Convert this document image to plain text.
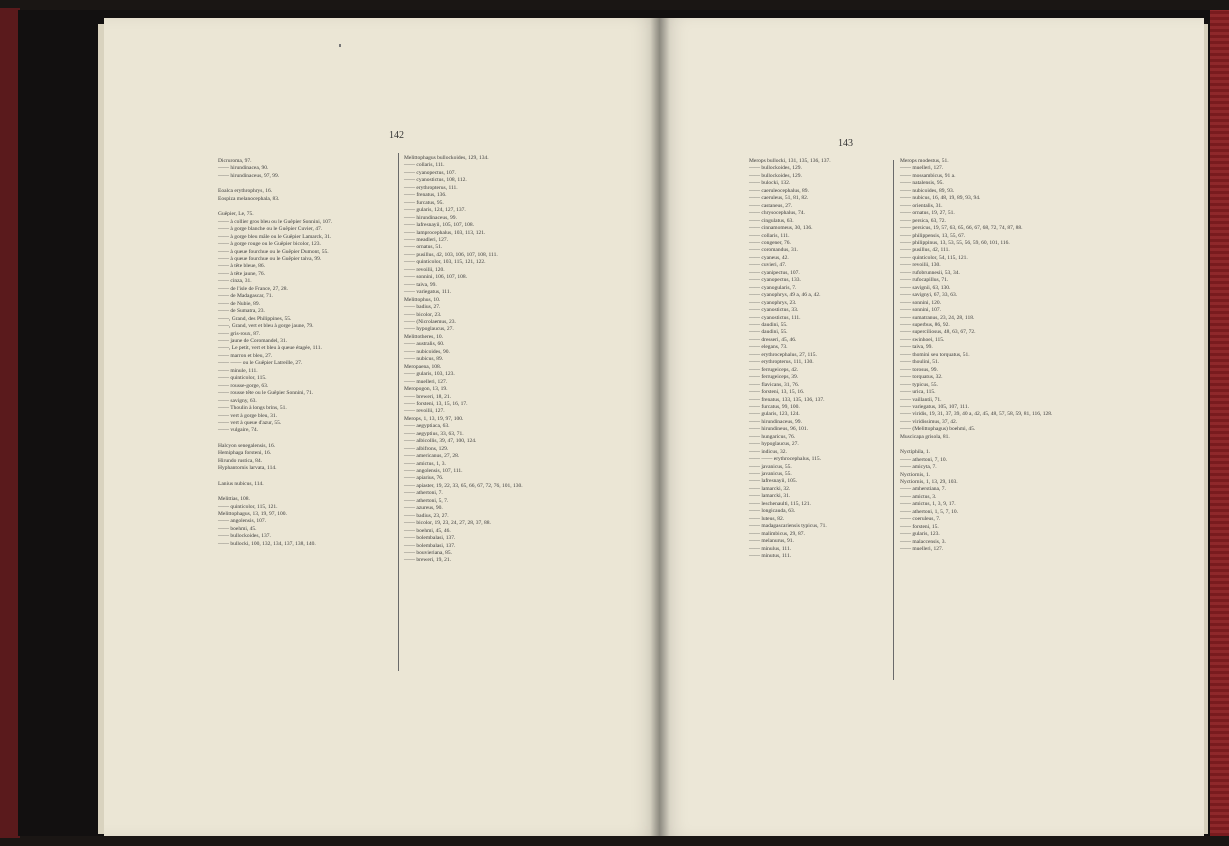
142
143
Dicruroma, 97.
—— hirundinacea, 90.
—— hirundinaceus, 97, 99.
Eoalca erythrophrys, 16.
Eospiza melanocephala, 83.
Guêpier, Le, 75.
—— à collier gros bleu ou le Guêpier Sonnini, 107.
—— à gorge blanche ou le Guêpier Cuvier, 47.
—— à gorge bleu mâle ou le Guêpier Lamarck, 31.
—— à gorge rouge ou le Guêpier bicolor, 123.
—— à queue fourchue ou le Guêpier Dumont, 55.
—— à queue fourchue ou le Guêpier taiva, 99.
—— à tête bleue, 86.
—— à tête jaune, 76.
—— cinza, 31.
—— de l'isle de France, 27, 28.
—— de Madagascar, 71.
—— de Nubie, 89.
—— de Sumatra, 23.
——, Grand, des Philippines, 55.
——, Grand, vert et bleu à gorge jaune, 79.
—— gris-roux, 87.
—— jaune de Coromandel, 31.
——, Le petit, vert et bleu à queue étagée, 111.
—— marron et bleu, 27.
—— —— ou le Guêpier Latreille, 27.
—— minule, 111.
—— quinticolor, 115.
—— rousse-gorge, 63.
—— rousse tête ou le Guêpier Sonnini, 71.
—— savigny, 63.
—— Thoulin à longs brins, 51.
—— vert à gorge bleu, 31.
—— vert à queue d'azur, 55.
—— vulgaire, 74.
Halcyon senegalensis, 16.
Hemiphaga forsteni, 16.
Hirundo rustica, 84.
Hyphantornis larvata, 114.
Lanius nubicus, 114.
Melittias, 108.
—— quinticolor, 115, 121.
Melittophagus, 13, 19, 97, 100.
—— angolensis, 107.
—— boehmi, 45.
—— bullockoides, 137.
—— bullocki, 100, 132, 134, 137, 138, 140.
Melittophagus bullockoides, 129, 134.
—— collaris, 111.
—— cyanopectus, 107.
—— cyanostictus, 108, 112.
—— erythropterus, 111.
—— frenatus, 136.
—— furcatus, 95.
—— gularis, 124, 127, 137.
—— hirundinaceus, 99.
—— lafresnayii, 105, 107, 108.
—— lamprocephalus, 103, 113, 121.
—— meadleri, 127.
—— ornatus, 51.
—— pusillus, 42, 103, 106, 107, 108, 111.
—— quinticolor, 103, 115, 121, 122.
—— revoilii, 120.
—— sonnini, 106, 107, 108.
—— taiva, 99.
—— variegatus, 111.
Melittophus, 10.
—— badius, 27.
—— bicolor, 23.
—— (Nicrolaemus, 23.
—— hypoglaucus, 27.
Melittotheres, 10.
—— australis, 60.
—— nubicoides, 90.
—— nubicus, 89.
Meropaena, 108.
—— gularis, 103, 123.
—— muelleri, 127.
Meropogon, 13, 19.
—— breweri, 18, 21.
—— forsteni, 13, 15, 16, 17.
—— revoilii, 127.
Merops, 1, 13, 19, 97, 100.
—— aegyptiaca, 63.
—— aegyptius, 33, 63, 71.
—— albicollis, 39, 47, 100, 124.
—— albifrons, 129.
—— americanus, 27, 28.
—— amictus, 1, 3.
—— angolensis, 107, 111.
—— apiarius, 76.
—— apiaster, 19, 22, 33, 65, 66, 67, 72, 76, 101, 130.
—— athertoni, 7.
—— athertoni, 5, 7.
—— azureus, 90.
—— badius, 23, 27.
—— bicolor, 19, 23, 24, 27, 28, 37, 88.
—— boehmi, 45, 46.
—— bolembalasi, 137.
—— bolembalasi, 137.
—— bouvieriana, 85.
—— breweri, 19, 21.
Merops bullocki, 131, 135, 136, 137.
—— bullockoides, 129.
—— bullockoides, 129.
—— bulocki, 132.
—— caeruleocephalus, 89.
—— caeruleus, 51, 81, 82.
—— castaneus, 27.
—— chrysocephalus, 74.
—— cingulatus, 63.
—— cinnamomeus, 30, 136.
—— collaris, 111.
—— congener, 76.
—— coromandus, 31.
—— cyaneus, 42.
—— cuvieri, 47.
—— cyanipectus, 107.
—— cyanopectus, 133.
—— cyanogularis, 7.
—— cyanophrys, 49 a, 46 a, 42.
—— cyanophrys, 23.
—— cyanostictus, 33.
—— cyanostictus, 111.
—— daudini, 55.
—— daudini, 55.
—— dresseri, 45, 46.
—— elegans, 73.
—— erythrocephalus, 27, 115.
—— erythropterus, 111, 130.
—— ferrugeiceps, 42.
—— ferrugeiceps, 39.
—— flavicans, 31, 76.
—— forsteni, 13, 15, 16.
—— frenatus, 133, 135, 136, 137.
—— furcatus, 99, 100.
—— gularis, 123, 124.
—— hirundinaceus, 99.
—— hirundineus, 96, 101.
—— hungaricus, 76.
—— hypoglaucus, 27.
—— indicus, 32.
—— —— erythrocephalus, 115.
—— javanicus, 55.
—— javanicus, 55.
—— lafresnayii, 105.
—— lamarcki, 32.
—— lamarcki, 31.
—— leschenaulti, 115, 121.
—— longicauda, 63.
—— luteus, 82.
—— madagascariensis typicus, 71.
—— malimbicus, 29, 87.
—— melanurus, 91.
—— minulus, 111.
—— minutus, 111.
Merops modestus, 51.
—— muelleri, 127.
—— mossambicus, 91 a.
—— natalensis, 95.
—— nubicoides, 89, 93.
—— nubicus, 16, 48, 19, 89, 93, 94.
—— orientalis, 31.
—— ornatus, 19, 27, 51.
—— persica, 63, 72.
—— persicus, 19, 57, 63, 65, 66, 67, 68, 72, 74, 87, 88.
—— philippensis, 13, 55, 67.
—— philippinus, 13, 53, 55, 56, 59, 60, 101, 116.
—— pusillus, 42, 111.
—— quinticolor, 54, 115, 121.
—— revoilii, 130.
—— rufobrunnesii, 53, 34.
—— rufocapillus, 71.
—— savignii, 63, 130.
—— savignyi, 67, 33, 63.
—— sonnini, 120.
—— sonnini, 107.
—— sumatranus, 23, 24, 28, 118.
—— superbus, 86, 92.
—— superciliosus, 48, 63, 67, 72.
—— swinhoei, 115.
—— taiva, 99.
—— thomini seu torquatus, 51.
—— thoulini, 51.
—— torosus, 99.
—— torquatus, 32.
—— typicus, 55.
—— urica, 115.
—— vaillantii, 71.
—— variegatus, 105, 107, 111.
—— viridis, 19, 31, 37, 39, 40 a, 42, 45, 48, 57, 58, 59, 81, 116, 128.
—— viridissimus, 37, 42.
—— (Melittophagus) boehmi, 45.
Muscicapa grisola, 81.
Nyctiphila, 1.
—— athertoni, 7, 10.
—— amicyta, 7.
Nyctiornis, 1.
Nyctiornis, 1, 13, 29, 103.
—— amherstiana, 7.
—— amictus, 3.
—— amictus, 1, 3, 9, 17.
—— athertoni, 1, 5, 7, 10.
—— coeruleus, 7.
—— forsteni, 15.
—— gularis, 123.
—— malaccensis, 3.
—— muelleri, 127.
